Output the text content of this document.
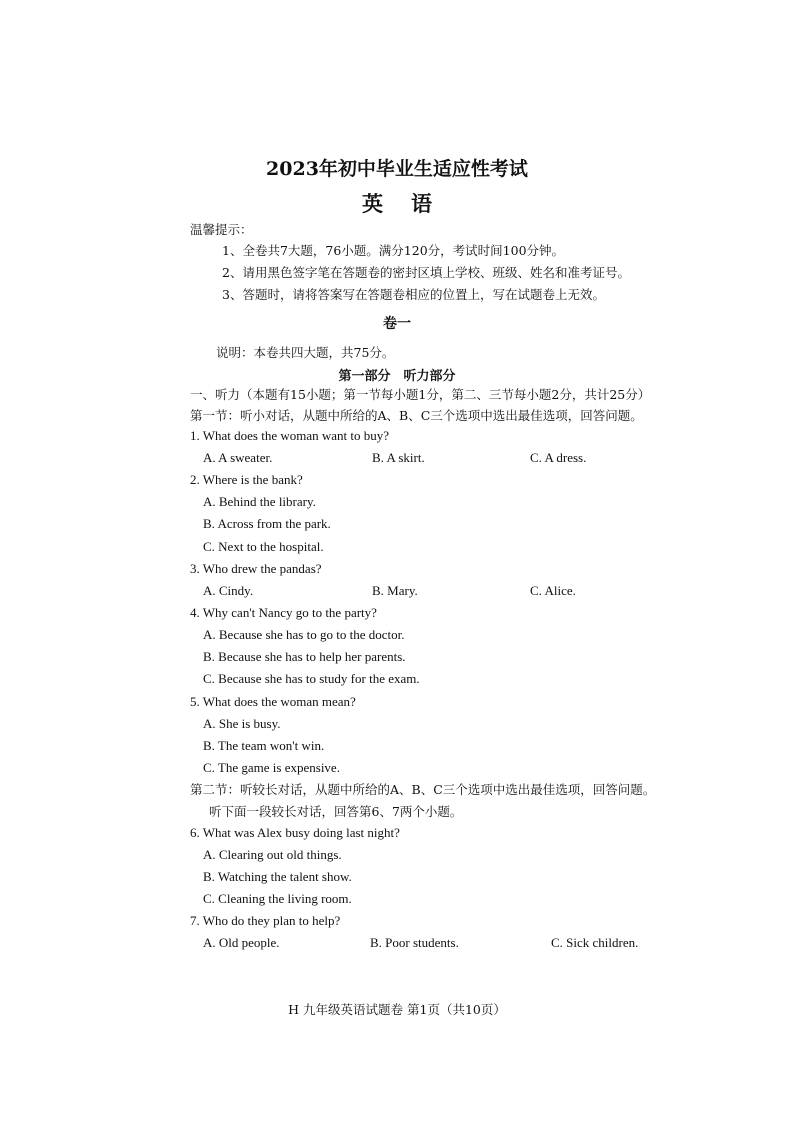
2023年初中毕业生适应性考试
英语
温馨提示：
1、全卷共7大题，76小题。满分120分，考试时间100分钟。
2、请用黑色签字笔在答题卷的密封区填上学校、班级、姓名和准考证号。
3、答题时，请将答案写在答题卷相应的位置上，写在试题卷上无效。
卷一
说明：本卷共四大题，共75分。
第一部分　听力部分
一、听力（本题有15小题；第一节每小题1分，第二、三节每小题2分，共计25分）
第一节：听小对话，从题中所给的A、B、C三个选项中选出最佳选项，回答问题。
1. What does the woman want to buy?
A. A sweater.	B. A skirt.	C. A dress.
2. Where is the bank?
A. Behind the library.
B. Across from the park.
C. Next to the hospital.
3. Who drew the pandas?
A. Cindy.	B. Mary.	C. Alice.
4. Why can't Nancy go to the party?
A. Because she has to go to the doctor.
B. Because she has to help her parents.
C. Because she has to study for the exam.
5. What does the woman mean?
A. She is busy.
B. The team won't win.
C. The game is expensive.
第二节：听较长对话，从题中所给的A、B、C三个选项中选出最佳选项，回答问题。
听下面一段较长对话，回答第6、7两个小题。
6. What was Alex busy doing last night?
A. Clearing out old things.
B. Watching the talent show.
C. Cleaning the living room.
7. Who do they plan to help?
A. Old people.	B. Poor students.	C. Sick children.
H 九年级英语试题卷 第1页（共10页）
